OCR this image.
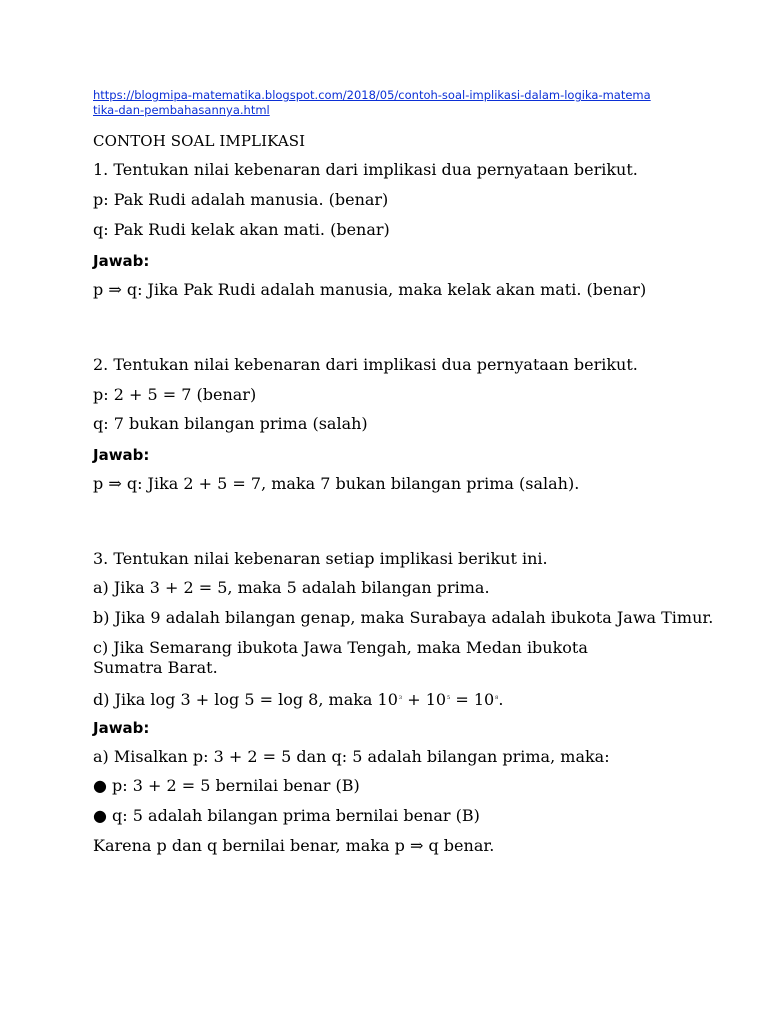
https://blogmipa-matematika.blogspot.com/2018/05/contoh-soal-implikasi-dalam-logika-matematika-dan-pembahasannya.html
CONTOH SOAL IMPLIKASI
1. Tentukan nilai kebenaran dari implikasi dua pernyataan berikut.
p: Pak Rudi adalah manusia. (benar)
q: Pak Rudi kelak akan mati. (benar)
Jawab:
p ⇒ q: Jika Pak Rudi adalah manusia, maka kelak akan mati. (benar)
2. Tentukan nilai kebenaran dari implikasi dua pernyataan berikut.
p: 2 + 5 = 7 (benar)
q: 7 bukan bilangan prima (salah)
Jawab:
p ⇒ q: Jika 2 + 5 = 7, maka 7 bukan bilangan prima (salah).
3. Tentukan nilai kebenaran setiap implikasi berikut ini.
a) Jika 3 + 2 = 5, maka 5 adalah bilangan prima.
b) Jika 9 adalah bilangan genap, maka Surabaya adalah ibukota Jawa Timur.
c) Jika Semarang ibukota Jawa Tengah, maka Medan ibukota Sumatra Barat.
d) Jika log 3 + log 5 = log 8, maka $10^3 + 10^5 = 10^8$.
Jawab:
a) Misalkan p: 3 + 2 = 5 dan q: 5 adalah bilangan prima, maka:
● p: 3 + 2 = 5 bernilai benar (B)
● q: 5 adalah bilangan prima bernilai benar (B)
Karena p dan q bernilai benar, maka p ⇒ q benar.
